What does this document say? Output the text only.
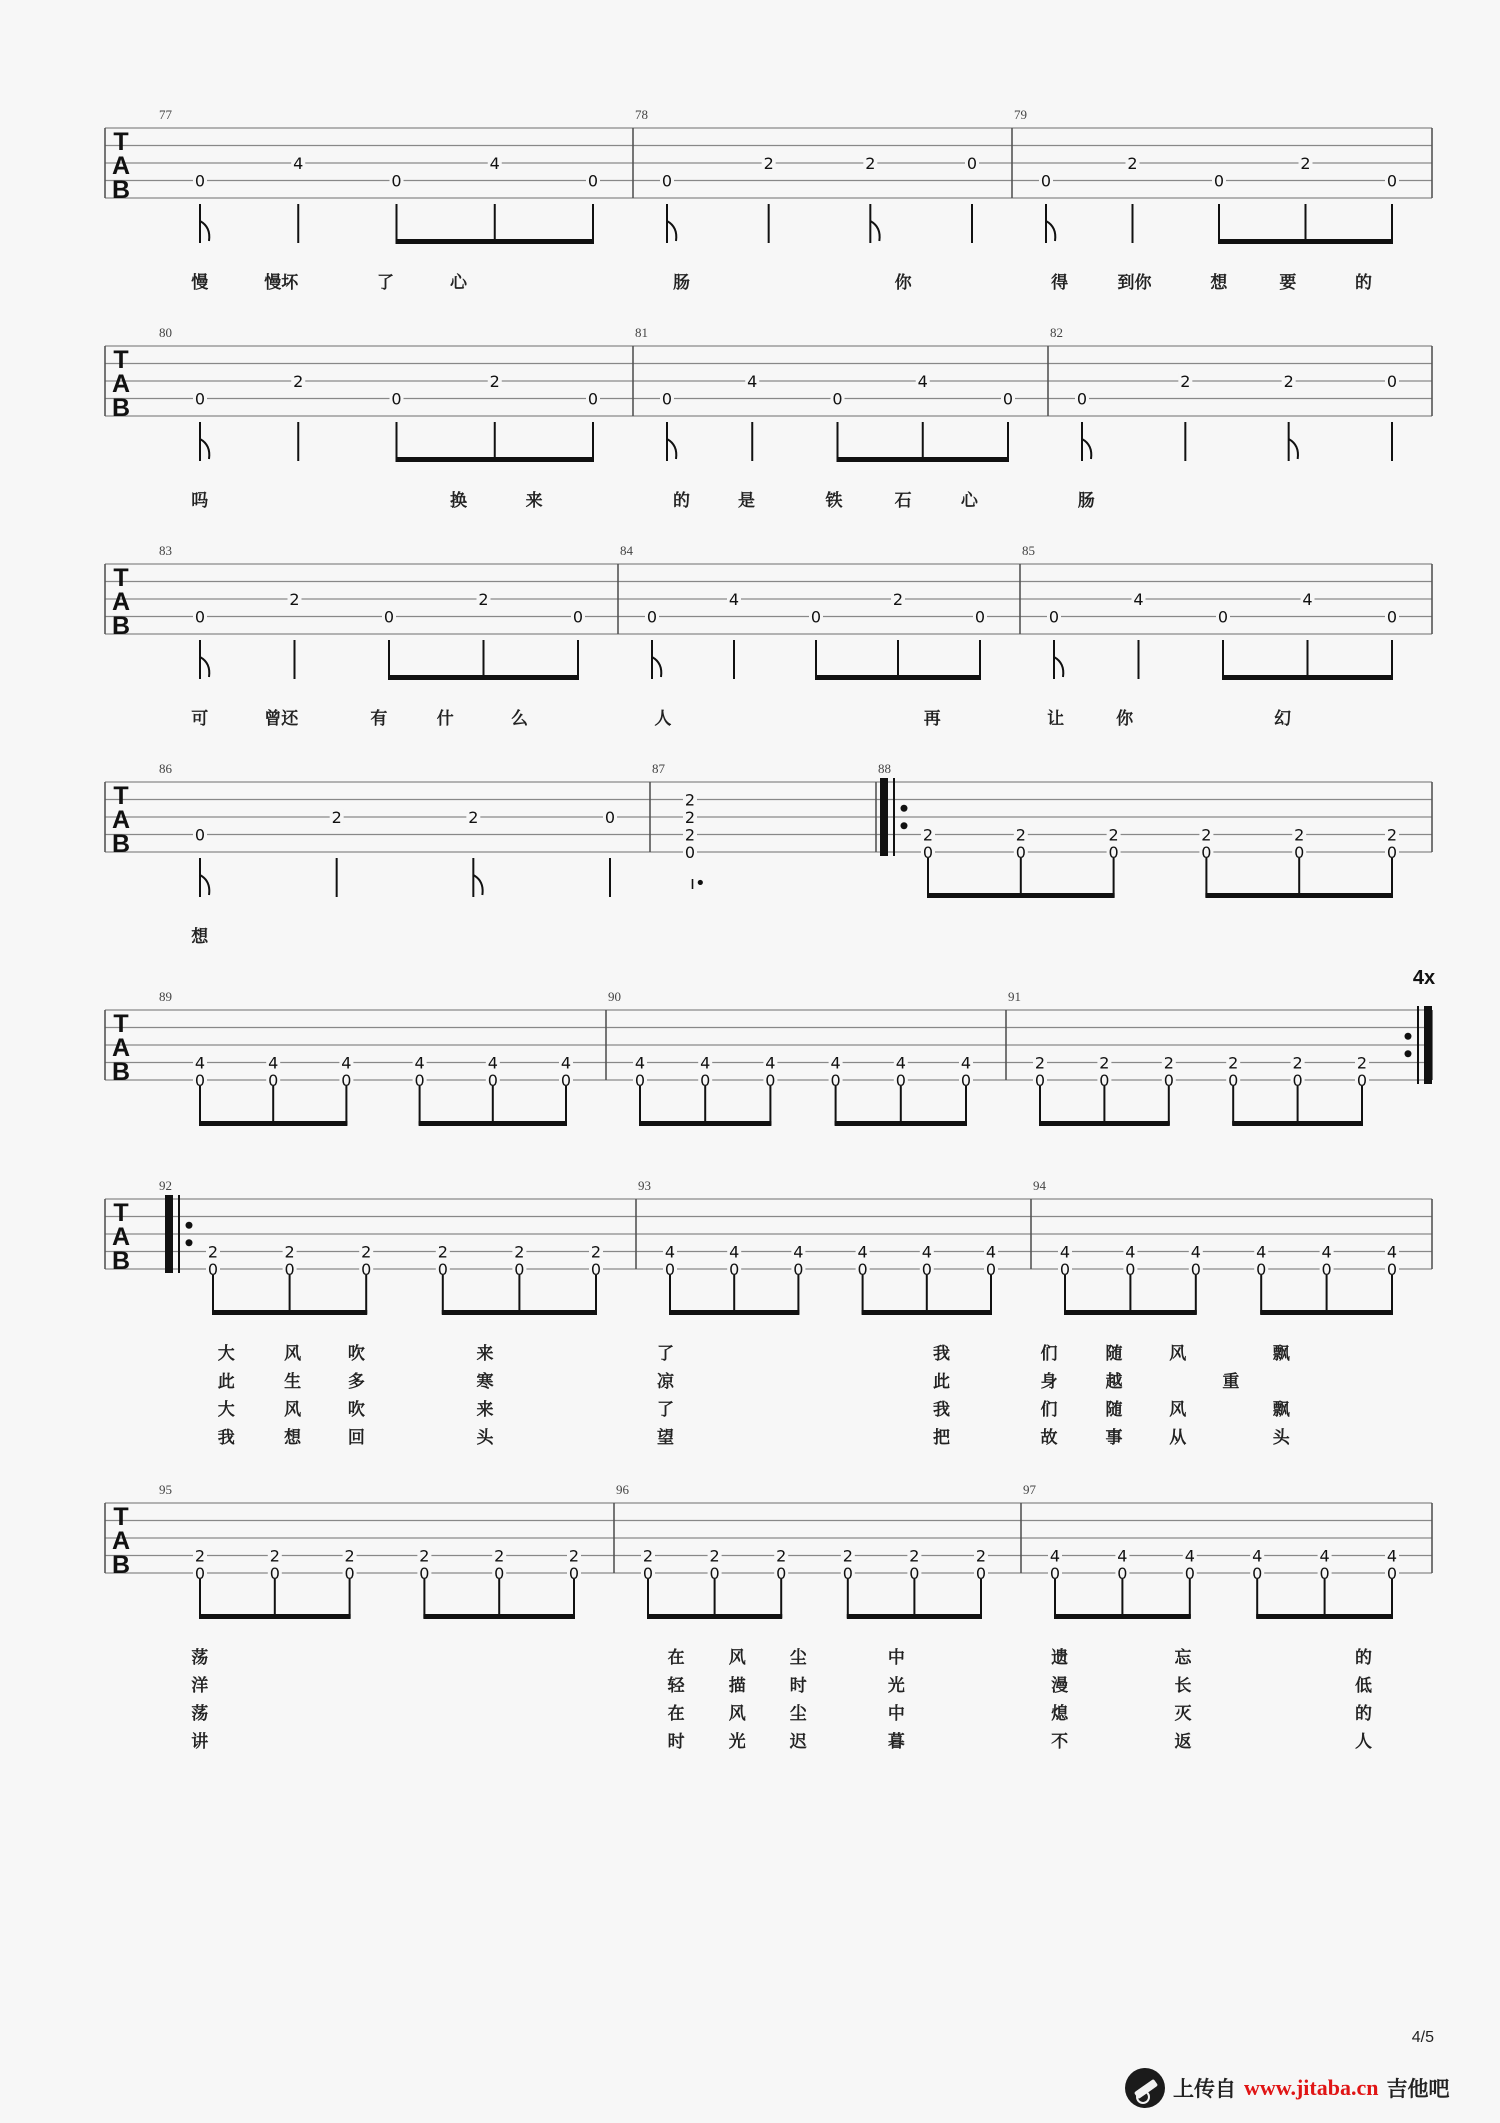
T
A
B
77
0
4
0
4
0
78
0
2	2	0
79
0
2
0
2
0
慢	慢坏	了	心	肠	你	得	到你	想	要	的
T
A
B
80
0
2
0
2
0
81
0
4
0
4
0
82
0
2	2	0
吗	换	来	的	是	铁	石	心	肠
T
A
B
83
0
2
0
2
0
84
0
4
0
2
0
85
0
4
0
4
0
可	曾还	有	什	么	人	再	让	你	幻
T
A
B
86
0
2	2	0
87
2
2
2
0
ı•
88
2
0
2
0
2
0
2
0
2
0
2
0
想
T
A
B
89
4
0
4
0
4
0
4
0
4
0
4
0
90
4
0
4
0
4
0
4
0
4
0
4
0
91
4x
2
0
2
0
2
0
2
0
2
0
2
0
T
A
B
92
2
0
2
0
2
0
2
0
2
0
2
0
93
4
0
4
0
4
0
4
0
4
0
4
0
94
4
0
4
0
4
0
4
0
4
0
4
0
大	风	吹	来	了	我	们	随	风	飘
此	生	多	寒	凉	此	身	越	重
大	风	吹	来	了	我	们	随	风	飘
我	想	回	头	望	把	故	事	从	头
T
A
B
95
2
0
2
0
2
0
2
0
2
0
2
0
96
2
0
2
0
2
0
2
0
2
0
2
0
97
4
0
4
0
4
0
4
0
4
0
4
0
荡	在	风	尘	中	遗	忘	的
洋	轻	描	时	光	漫	长	低
荡	在	风	尘	中	熄	灭	的
讲	时	光	迟	暮	不	返	人
4/5
上传自 www.jitaba.cn 吉他吧
